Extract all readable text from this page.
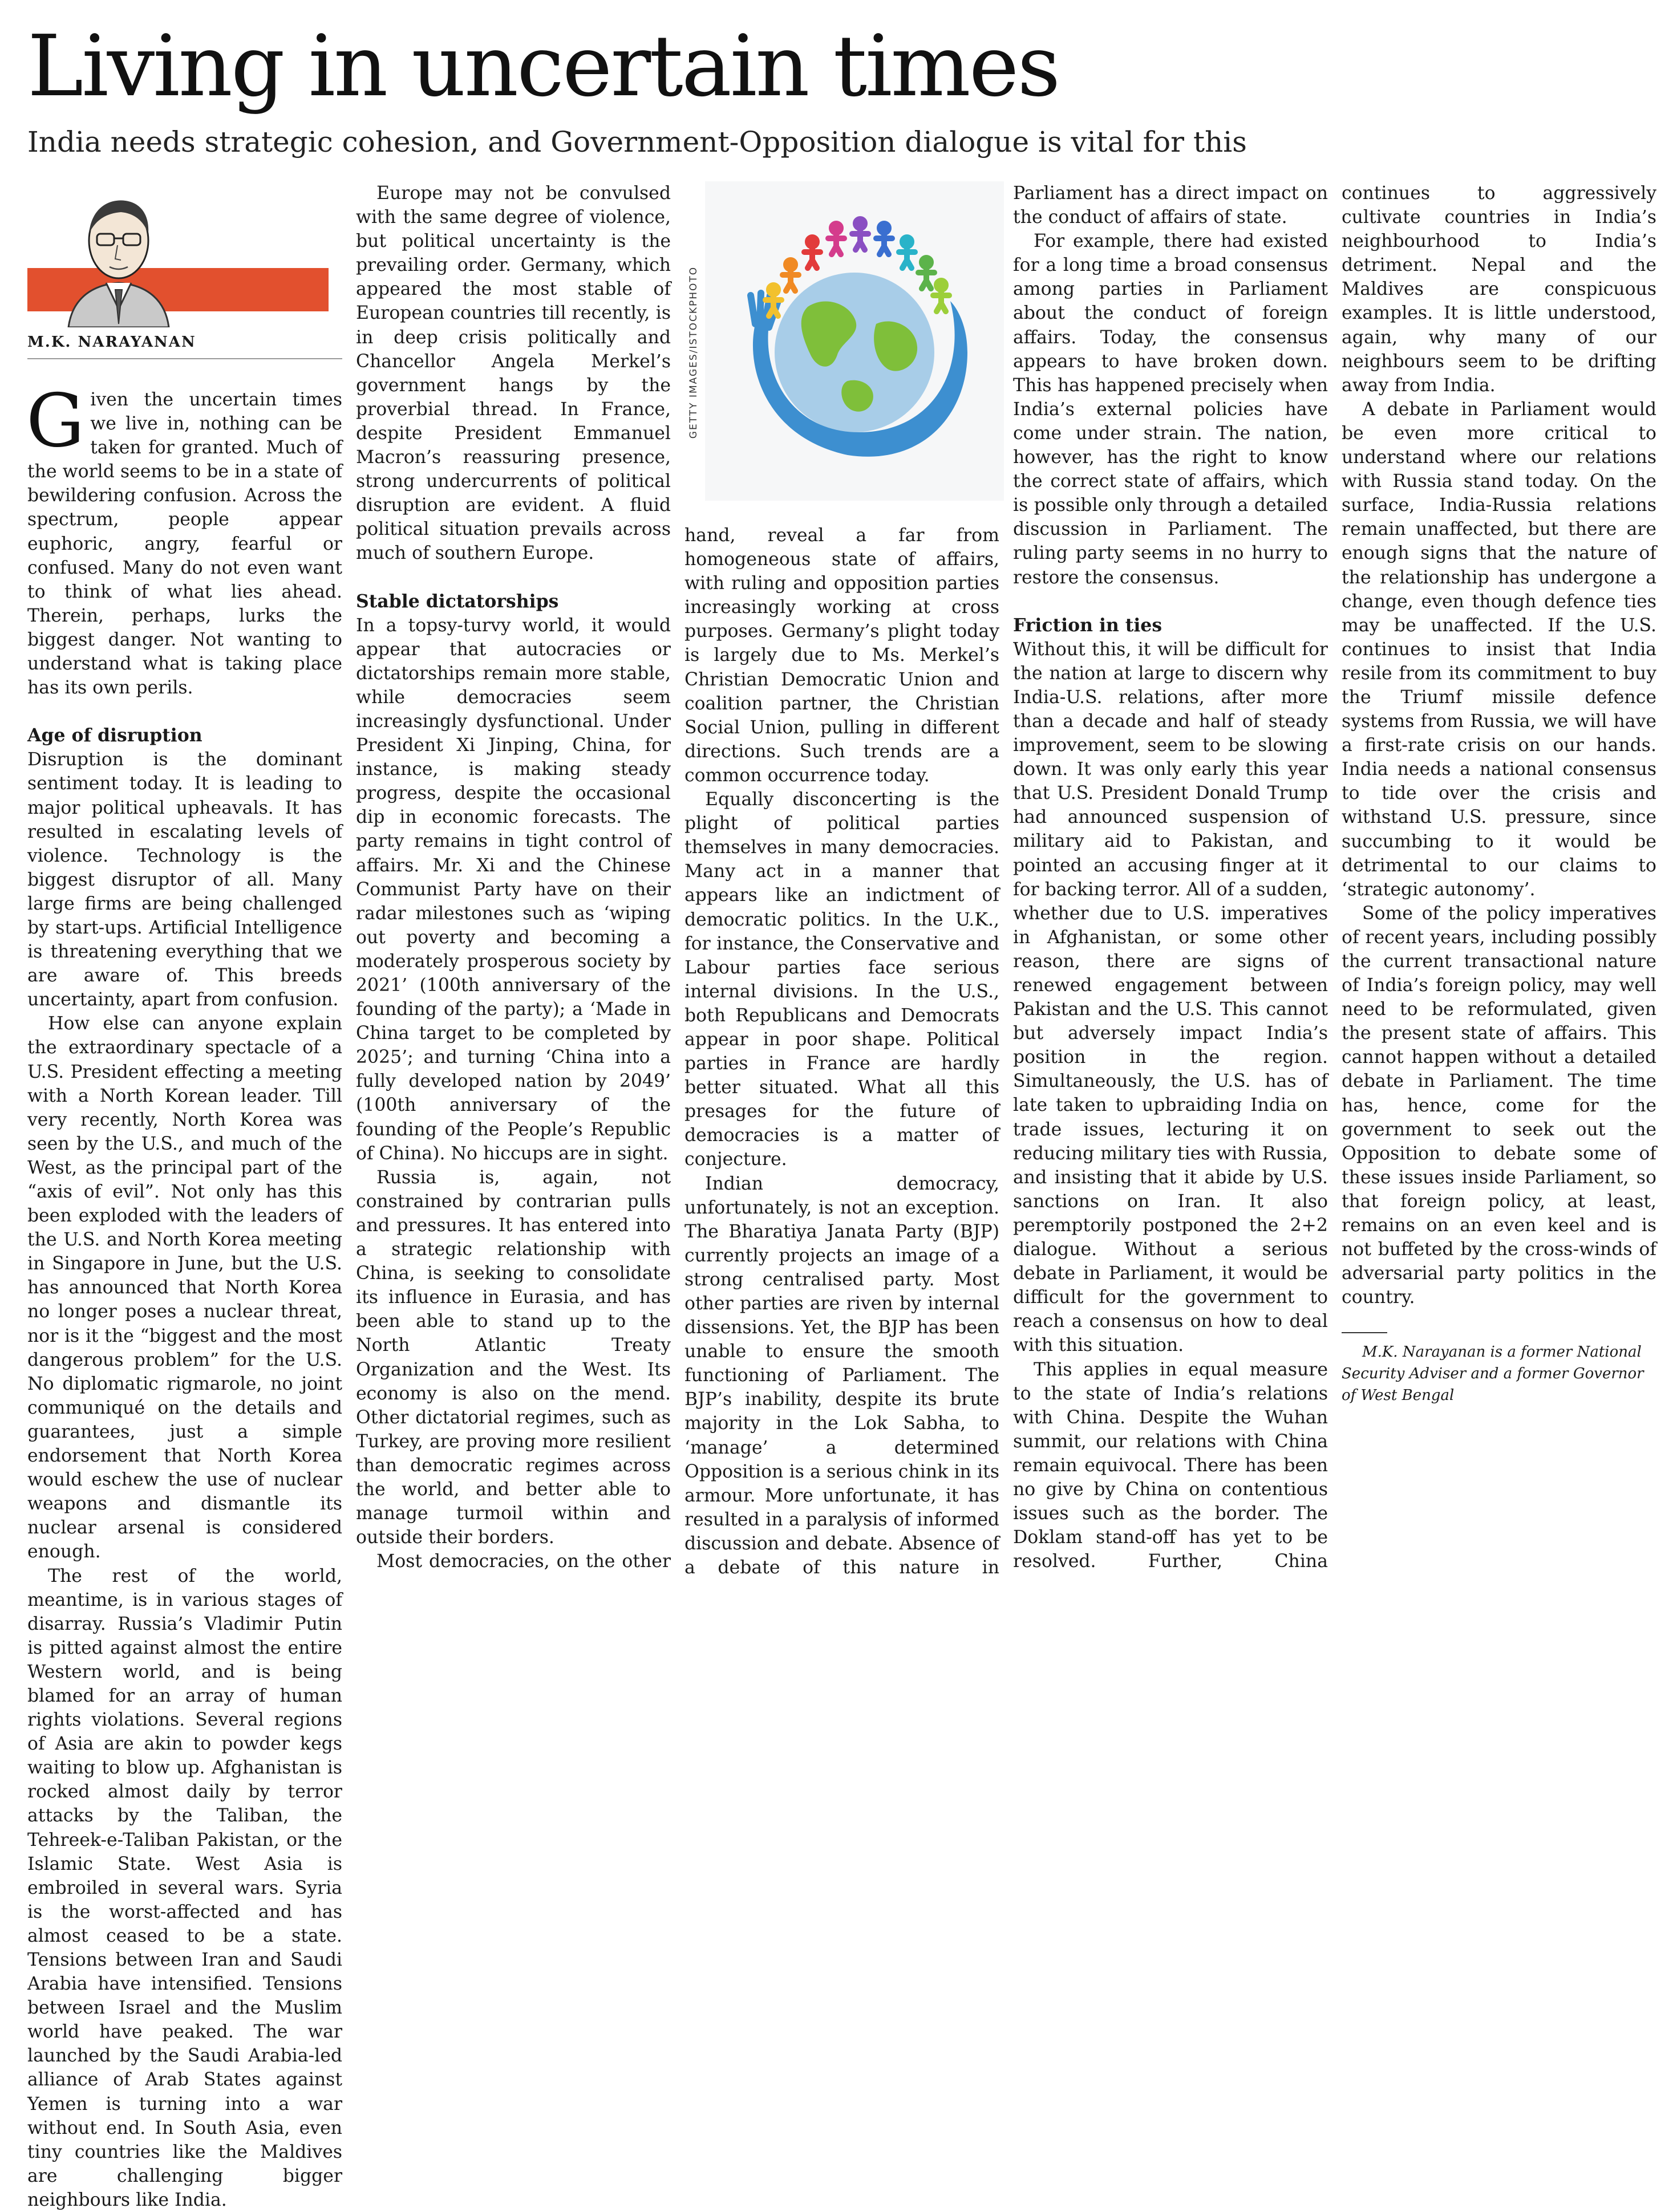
Living in uncertain times
India needs strategic cohesion, and Government-Opposition dialogue is vital for this
M.K. NARAYANAN

Given the uncertain times we live in, nothing can be taken for granted. Much of the world seems to be in a state of bewildering confusion. Across the spectrum, people appear euphoric, angry, fearful or confused. Many do not even want to think of what lies ahead. Therein, perhaps, lurks the biggest danger. Not wanting to understand what is taking place has its own perils.

Age of disruption

Disruption is the dominant sentiment today. It is leading to major political upheavals. It has resulted in escalating levels of violence. Technology is the biggest disruptor of all. Many large firms are being challenged by start-ups. Artificial Intelligence is threatening everything that we are aware of. This breeds uncertainty, apart from confusion.

How else can anyone explain the extraordinary spectacle of a U.S. President effecting a meeting with a North Korean leader. Till very recently, North Korea was seen by the U.S., and much of the West, as the principal part of the “axis of evil”. Not only has this been exploded with the leaders of the U.S. and North Korea meeting in Singapore in June, but the U.S. has announced that North Korea no longer poses a nuclear threat, nor is it the “biggest and the most dangerous problem” for the U.S. No diplomatic rigmarole, no joint communiqué on the details and guarantees, just a simple endorsement that North Korea would eschew the use of nuclear weapons and dismantle its nuclear arsenal is considered enough.

The rest of the world, meantime, is in various stages of disarray. Russia’s Vladimir Putin is pitted against almost the entire Western world, and is being blamed for an array of human rights violations. Several regions of Asia are akin to powder kegs waiting to blow up. Afghanistan is rocked almost daily by terror attacks by the Taliban, the Tehreek-e-Taliban Pakistan, or the Islamic State. West Asia is embroiled in several wars. Syria is the worst-affected and has almost ceased to be a state. Tensions between Iran and Saudi Arabia have intensified. Tensions between Israel and the Muslim world have peaked. The war launched by the Saudi Arabia-led alliance of Arab States against Yemen is turning into a war without end. In South Asia, even tiny countries like the Maldives are challenging bigger neighbours like India.

Europe may not be convulsed with the same degree of violence, but political uncertainty is the prevailing order. Germany, which appeared the most stable of European countries till recently, is in deep crisis politically and Chancellor Angela Merkel’s government hangs by the proverbial thread. In France, despite President Emmanuel Macron’s reassuring presence, strong undercurrents of political disruption are evident. A fluid political situation prevails across much of southern Europe.

Stable dictatorships

In a topsy-turvy world, it would appear that autocracies or dictatorships remain more stable, while democracies seem increasingly dysfunctional. Under President Xi Jinping, China, for instance, is making steady progress, despite the occasional dip in economic forecasts. The party remains in tight control of affairs. Mr. Xi and the Chinese Communist Party have on their radar milestones such as ‘wiping out poverty and becoming a moderately prosperous society by 2021’ (100th anniversary of the founding of the party); a ‘Made in China target to be completed by 2025’; and turning ‘China into a fully developed nation by 2049’ (100th anniversary of the founding of the People’s Republic of China). No hiccups are in sight.

Russia is, again, not constrained by contrarian pulls and pressures. It has entered into a strategic relationship with China, is seeking to consolidate its influence in Eurasia, and has been able to stand up to the North Atlantic Treaty Organization and the West. Its economy is also on the mend. Other dictatorial regimes, such as Turkey, are proving more resilient than democratic regimes across the world, and better able to manage turmoil within and outside their borders.

Most democracies, on the other

GETTY IMAGES/ISTOCKPHOTO

hand, reveal a far from homogeneous state of affairs, with ruling and opposition parties increasingly working at cross purposes. Germany’s plight today is largely due to Ms. Merkel’s Christian Democratic Union and coalition partner, the Christian Social Union, pulling in different directions. Such trends are a common occurrence today.

Equally disconcerting is the plight of political parties themselves in many democracies. Many act in a manner that appears like an indictment of democratic politics. In the U.K., for instance, the Conservative and Labour parties face serious internal divisions. In the U.S., both Republicans and Democrats appear in poor shape. Political parties in France are hardly better situated. What all this presages for the future of democracies is a matter of conjecture.

Indian democracy, unfortunately, is not an exception. The Bharatiya Janata Party (BJP) currently projects an image of a strong centralised party. Most other parties are riven by internal dissensions. Yet, the BJP has been unable to ensure the smooth functioning of Parliament. The BJP’s inability, despite its brute majority in the Lok Sabha, to ‘manage’ a determined Opposition is a serious chink in its armour. More unfortunate, it has resulted in a paralysis of informed discussion and debate. Absence of a debate of this nature in

Parliament has a direct impact on the conduct of affairs of state.

For example, there had existed for a long time a broad consensus among parties in Parliament about the conduct of foreign affairs. Today, the consensus appears to have broken down. This has happened precisely when India’s external policies have come under strain. The nation, however, has the right to know the correct state of affairs, which is possible only through a detailed discussion in Parliament. The ruling party seems in no hurry to restore the consensus.

Friction in ties

Without this, it will be difficult for the nation at large to discern why India-U.S. relations, after more than a decade and half of steady improvement, seem to be slowing down. It was only early this year that U.S. President Donald Trump had announced suspension of military aid to Pakistan, and pointed an accusing finger at it for backing terror. All of a sudden, whether due to U.S. imperatives in Afghanistan, or some other reason, there are signs of renewed engagement between Pakistan and the U.S. This cannot but adversely impact India’s position in the region. Simultaneously, the U.S. has of late taken to upbraiding India on trade issues, lecturing it on reducing military ties with Russia, and insisting that it abide by U.S. sanctions on Iran. It also peremptorily postponed the 2+2 dialogue. Without a serious debate in Parliament, it would be difficult for the government to reach a consensus on how to deal with this situation.

This applies in equal measure to the state of India’s relations with China. Despite the Wuhan summit, our relations with China remain equivocal. There has been no give by China on contentious issues such as the border. The Doklam stand-off has yet to be resolved. Further, China

continues to aggressively cultivate countries in India’s neighbourhood to India’s detriment. Nepal and the Maldives are conspicuous examples. It is little understood, again, why many of our neighbours seem to be drifting away from India.

A debate in Parliament would be even more critical to understand where our relations with Russia stand today. On the surface, India-Russia relations remain unaffected, but there are enough signs that the nature of the relationship has undergone a change, even though defence ties may be unaffected. If the U.S. continues to insist that India resile from its commitment to buy the Triumf missile defence systems from Russia, we will have a first-rate crisis on our hands. India needs a national consensus to tide over the crisis and withstand U.S. pressure, since succumbing to it would be detrimental to our claims to ‘strategic autonomy’.

Some of the policy imperatives of recent years, including possibly the current transactional nature of India’s foreign policy, may well need to be reformulated, given the present state of affairs. This cannot happen without a detailed debate in Parliament. The time has, hence, come for the government to seek out the Opposition to debate some of these issues inside Parliament, so that foreign policy, at least, remains on an even keel and is not buffeted by the cross-winds of adversarial party politics in the country.

M.K. Narayanan is a former National Security Adviser and a former Governor of West Bengal
